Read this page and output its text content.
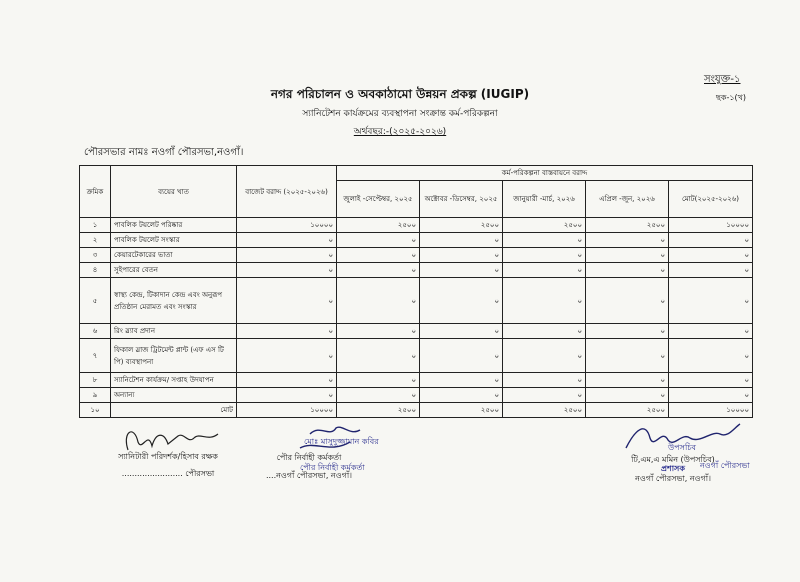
সংযুক্ত-১
ছক-১(খ)
নগর পরিচালন ও অবকাঠামো উন্নয়ন প্রকল্প (IUGIP)
স্যানিটেশন কার্যক্রমের ব্যবস্থাপনা সংক্রান্ত কর্ম-পরিকল্পনা
অর্থবছর:-(২০২৫-২০২৬)
পৌরসভার নামঃ নওগাঁ পৌরসভা,নওগাঁ।
ক্রমিক	ব্যয়ের খাত	বাজেট বরাদ্দ (২০২৫-২০২৬)	কর্ম-পরিকল্পনা বাস্তবায়নে বরাদ্দ				
			জুলাই -সেপ্টেম্বর, ২০২৫	অক্টোবর -ডিসেম্বর, ২০২৫	জানুয়ারী -মার্চ, ২০২৬	এপ্রিল -জুন, ২০২৬	মোট(২০২৫-২০২৬)
১	পাবলিক টয়লেট পরিষ্কার	১০০০০	২৫০০	২৫০০	২৫০০	২৫০০	১০০০০
২	পাবলিক টয়লেট সংস্কার	০	০	০	০	০	০
৩	কেয়ারটেকারের ভাতা	০	০	০	০	০	০
৪	সুইপারের বেতন	০	০	০	০	০	০
৫	স্বাস্থ্য কেন্দ্র, টিকাদান কেন্দ্র এবং অনুরূপ প্রতিষ্ঠান মেরামত এবং সংস্কার	০	০	০	০	০	০
৬	রিং স্ল্যাব প্রদান	০	০	০	০	০	০
৭	ফিকাল স্লাজ ট্রিটমেন্ট প্লান্ট (এফ এস টি পি) ব্যবস্থাপনা	০	০	০	০	০	০
৮	স্যানিটেশন কার্যক্রম/ সপ্তাহ উদযাপন	০	০	০	০	০	০
৯	অন্যান্য	০	০	০	০	০	০
১০	মোট	১০০০০	২৫০০	২৫০০	২৫০০	২৫০০	১০০০০
স্যানিটারী পরিদর্শক/হিসাব রক্ষক
........................ পৌরসভা
মোঃ মাসুদুজ্জামান কবির
পৌর নির্বাহী কর্মকর্তা
পৌর নির্বাহী কর্মকর্তা
....নওগাঁ পৌরসভা, নওগাঁ।
উপসচিব
টি,এম,এ মমিন (উপসচিব)
নওগাঁ পৌরসভা
প্রশাসক
নওগাঁ পৌরসভা, নওগাঁ।
